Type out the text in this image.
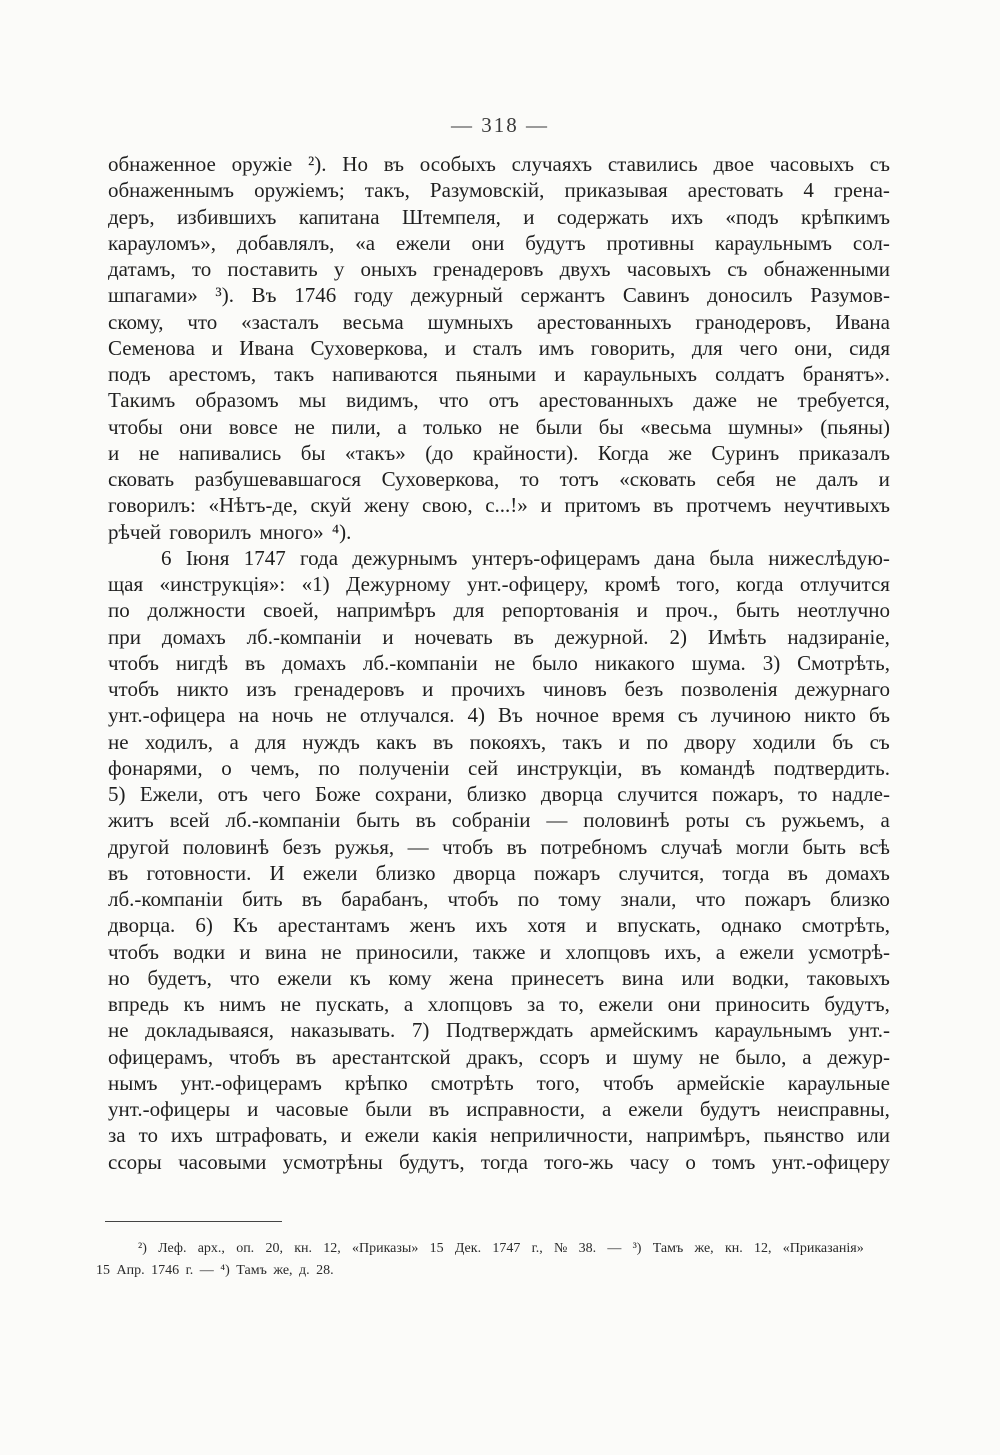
— 318 —
обнаженное оружіе ²). Но въ особыхъ случаяхъ ставились двое часовыхъ съ
обнаженнымъ оружіемъ; такъ, Разумовскій, приказывая арестовать 4 грена-
деръ, избившихъ капитана Штемпеля, и содержать ихъ «подъ крѣпкимъ
карауломъ», добавлялъ, «а ежели они будутъ противны караульнымъ сол-
датамъ, то поставить у оныхъ гренадеровъ двухъ часовыхъ съ обнаженными
шпагами» ³). Въ 1746 году дежурный сержантъ Савинъ доносилъ Разумов-
скому, что «засталъ весьма шумныхъ арестованныхъ гранодеровъ, Ивана
Семенова и Ивана Суховеркова, и сталъ имъ говорить, для чего они, сидя
подъ арестомъ, такъ напиваются пьяными и караульныхъ солдатъ бранятъ».
Такимъ образомъ мы видимъ, что отъ арестованныхъ даже не требуется,
чтобы они вовсе не пили, а только не были бы «весьма шумны» (пьяны)
и не напивались бы «такъ» (до крайности). Когда же Суринъ приказалъ
сковать разбушевавшагося Суховеркова, то тотъ «сковать себя не далъ и
говорилъ: «Нѣтъ-де, скуй жену свою, с...!» и притомъ въ протчемъ неучтивыхъ
рѣчей говорилъ много» ⁴).
6 Іюня 1747 года дежурнымъ унтеръ-офицерамъ дана была нижеслѣдую-
щая «инструкція»: «1) Дежурному унт.-офицеру, кромѣ того, когда отлучится
по должности своей, напримѣръ для репортованія и проч., быть неотлучно
при домахъ лб.-компаніи и ночевать въ дежурной. 2) Имѣть надзираніе,
чтобъ нигдѣ въ домахъ лб.-компаніи не было никакого шума. 3) Смотрѣть,
чтобъ никто изъ гренадеровъ и прочихъ чиновъ безъ позволенія дежурнаго
унт.-офицера на ночь не отлучался. 4) Въ ночное время съ лучиною никто бъ
не ходилъ, а для нуждъ какъ въ покояхъ, такъ и по двору ходили бъ съ
фонарями, о чемъ, по полученіи сей инструкціи, въ командѣ подтвердить.
5) Ежели, отъ чего Боже сохрани, близко дворца случится пожаръ, то надле-
житъ всей лб.-компаніи быть въ собраніи — половинѣ роты съ ружьемъ, а
другой половинѣ безъ ружья, — чтобъ въ потребномъ случаѣ могли быть всѣ
въ готовности. И ежели близко дворца пожаръ случится, тогда въ домахъ
лб.-компаніи бить въ барабанъ, чтобъ по тому знали, что пожаръ близко
дворца. 6) Къ арестантамъ женъ ихъ хотя и впускать, однако смотрѣть,
чтобъ водки и вина не приносили, также и хлопцовъ ихъ, а ежели усмотрѣ-
но будетъ, что ежели къ кому жена принесетъ вина или водки, таковыхъ
впредь къ нимъ не пускать, а хлопцовъ за то, ежели они приносить будутъ,
не докладываяся, наказывать. 7) Подтверждать армейскимъ караульнымъ унт.-
офицерамъ, чтобъ въ арестантской дракъ, ссоръ и шуму не было, а дежур-
нымъ унт.-офицерамъ крѣпко смотрѣть того, чтобъ армейскіе караульные
унт.-офицеры и часовые были въ исправности, а ежели будутъ неисправны,
за то ихъ штрафовать, и ежели какія неприличности, напримѣръ, пьянство или
ссоры часовыми усмотрѣны будутъ, тогда того-жь часу о томъ унт.-офицеру
²) Леф. арх., оп. 20, кн. 12, «Приказы» 15 Дек. 1747 г., № 38. — ³) Тамъ же, кн. 12, «Приказанія»
15 Апр. 1746 г. — ⁴) Тамъ же, д. 28.
